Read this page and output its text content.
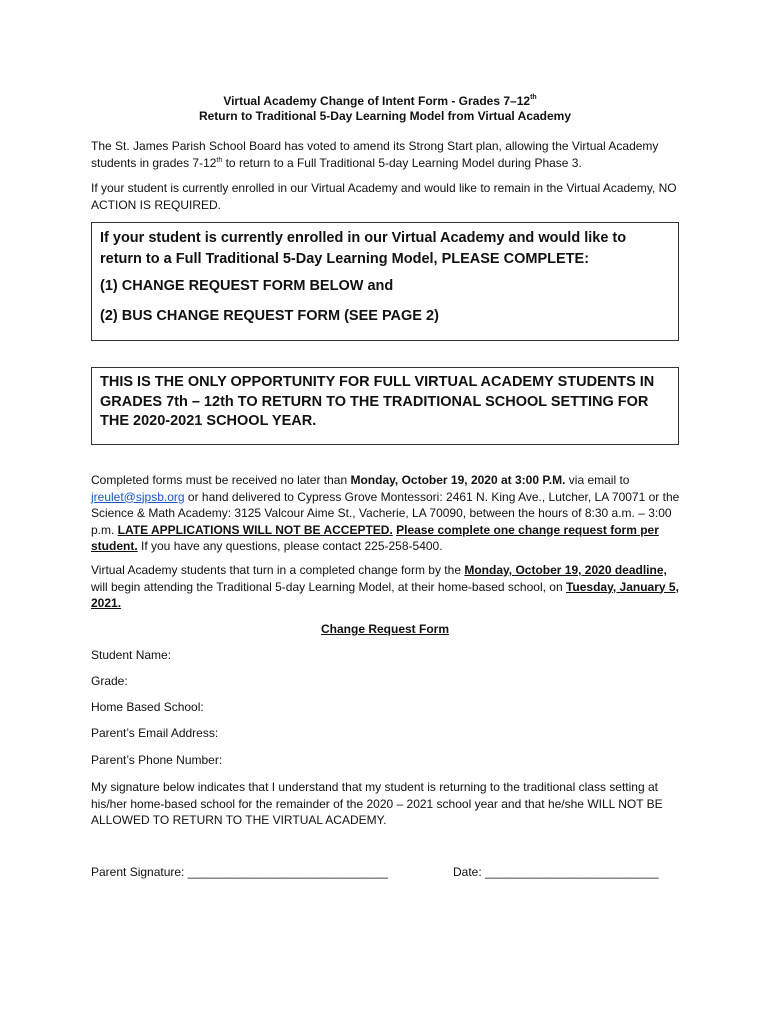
Virtual Academy Change of Intent Form - Grades 7–12th
Return to Traditional 5-Day Learning Model from Virtual Academy
The St. James Parish School Board has voted to amend its Strong Start plan, allowing the Virtual Academy students in grades 7-12th to return to a Full Traditional 5-day Learning Model during Phase 3.
If your student is currently enrolled in our Virtual Academy and would like to remain in the Virtual Academy, NO ACTION IS REQUIRED.
If your student is currently enrolled in our Virtual Academy and would like to return to a Full Traditional 5-Day Learning Model, PLEASE COMPLETE:
(1) CHANGE REQUEST FORM BELOW and
(2) BUS CHANGE REQUEST FORM (SEE PAGE 2)
THIS IS THE ONLY OPPORTUNITY FOR FULL VIRTUAL ACADEMY STUDENTS IN GRADES 7th – 12th TO RETURN TO THE TRADITIONAL SCHOOL SETTING FOR THE 2020-2021 SCHOOL YEAR.
Completed forms must be received no later than Monday, October 19, 2020 at 3:00 P.M. via email to jreulet@sjpsb.org or hand delivered to Cypress Grove Montessori: 2461 N. King Ave., Lutcher, LA 70071 or the Science & Math Academy: 3125 Valcour Aime St., Vacherie, LA 70090, between the hours of 8:30 a.m. – 3:00 p.m. LATE APPLICATIONS WILL NOT BE ACCEPTED. Please complete one change request form per student. If you have any questions, please contact 225-258-5400.
Virtual Academy students that turn in a completed change form by the Monday, October 19, 2020 deadline, will begin attending the Traditional 5-day Learning Model, at their home-based school, on Tuesday, January 5, 2021.
Change Request Form
Student Name:
Grade:
Home Based School:
Parent’s Email Address:
Parent’s Phone Number:
My signature below indicates that I understand that my student is returning to the traditional class setting at his/her home-based school for the remainder of the 2020 – 2021 school year and that he/she WILL NOT BE ALLOWED TO RETURN TO THE VIRTUAL ACADEMY.
Parent Signature: ______________________________	Date: __________________________
